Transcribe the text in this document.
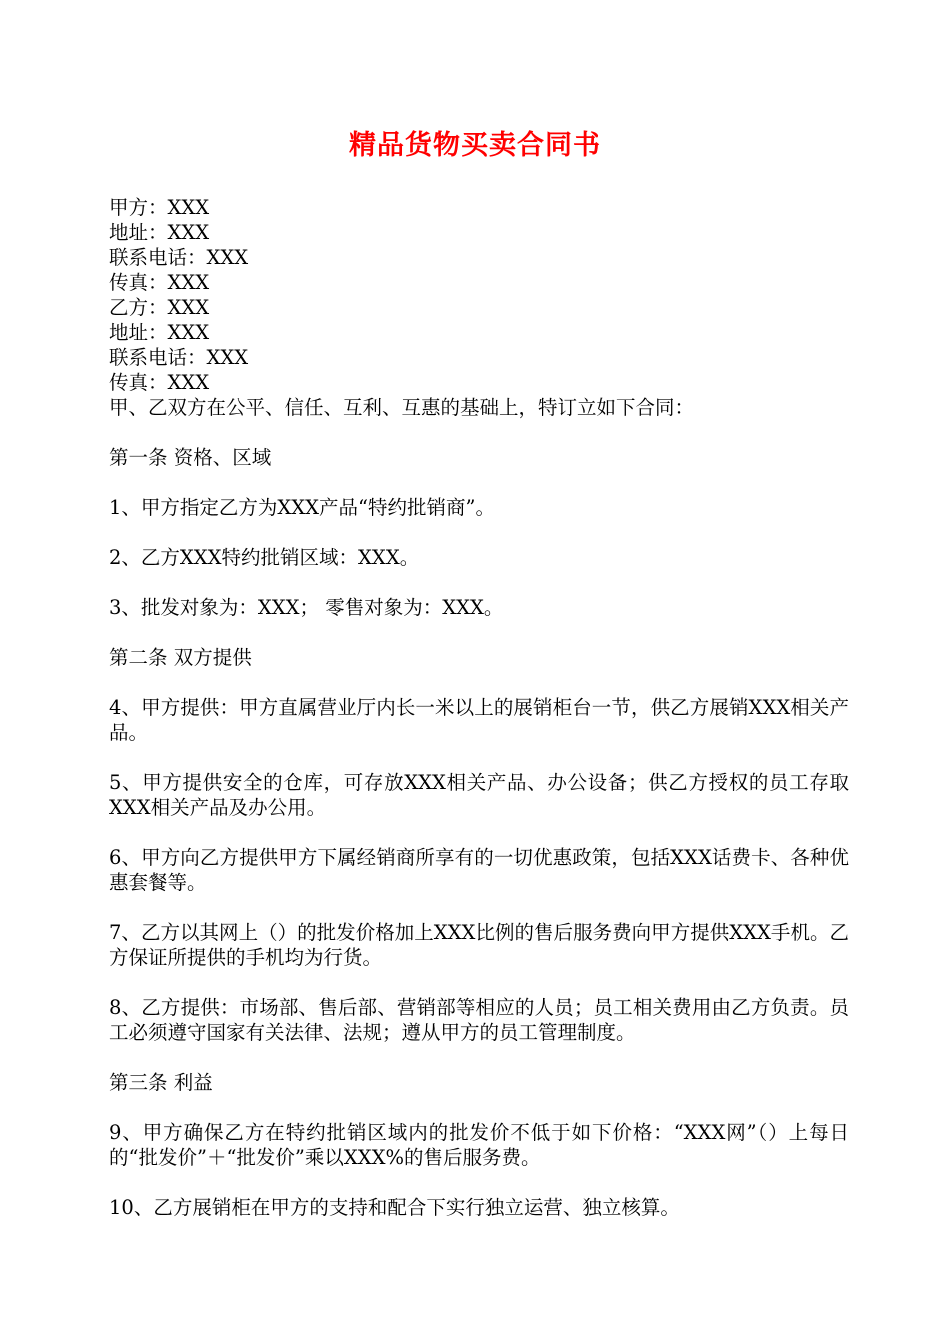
精品货物买卖合同书

甲方：XXX

地址：XXX

联系电话：XXX

传真：XXX

乙方：XXX

地址：XXX

联系电话：XXX

传真：XXX

甲、乙双方在公平、信任、互利、互惠的基础上，特订立如下合同：

第一条 资格、区域

1、甲方指定乙方为XXX产品“特约批销商”。

2、乙方XXX特约批销区域：XXX。

3、批发对象为：XXX； 零售对象为：XXX。

第二条 双方提供

4、甲方提供：甲方直属营业厅内长一米以上的展销柜台一节，供乙方展销XXX相关产品。

5、甲方提供安全的仓库，可存放XXX相关产品、办公设备；供乙方授权的员工存取XXX相关产品及办公用。

6、甲方向乙方提供甲方下属经销商所享有的一切优惠政策，包括XXX话费卡、各种优惠套餐等。

7、乙方以其网上（）的批发价格加上XXX比例的售后服务费向甲方提供XXX手机。乙方保证所提供的手机均为行货。

8、乙方提供：市场部、售后部、营销部等相应的人员；员工相关费用由乙方负责。员工必须遵守国家有关法律、法规；遵从甲方的员工管理制度。

第三条 利益

9、甲方确保乙方在特约批销区域内的批发价不低于如下价格：“XXX网”（）上每日的“批发价”＋“批发价”乘以XXX%的售后服务费。

10、乙方展销柜在甲方的支持和配合下实行独立运营、独立核算。
